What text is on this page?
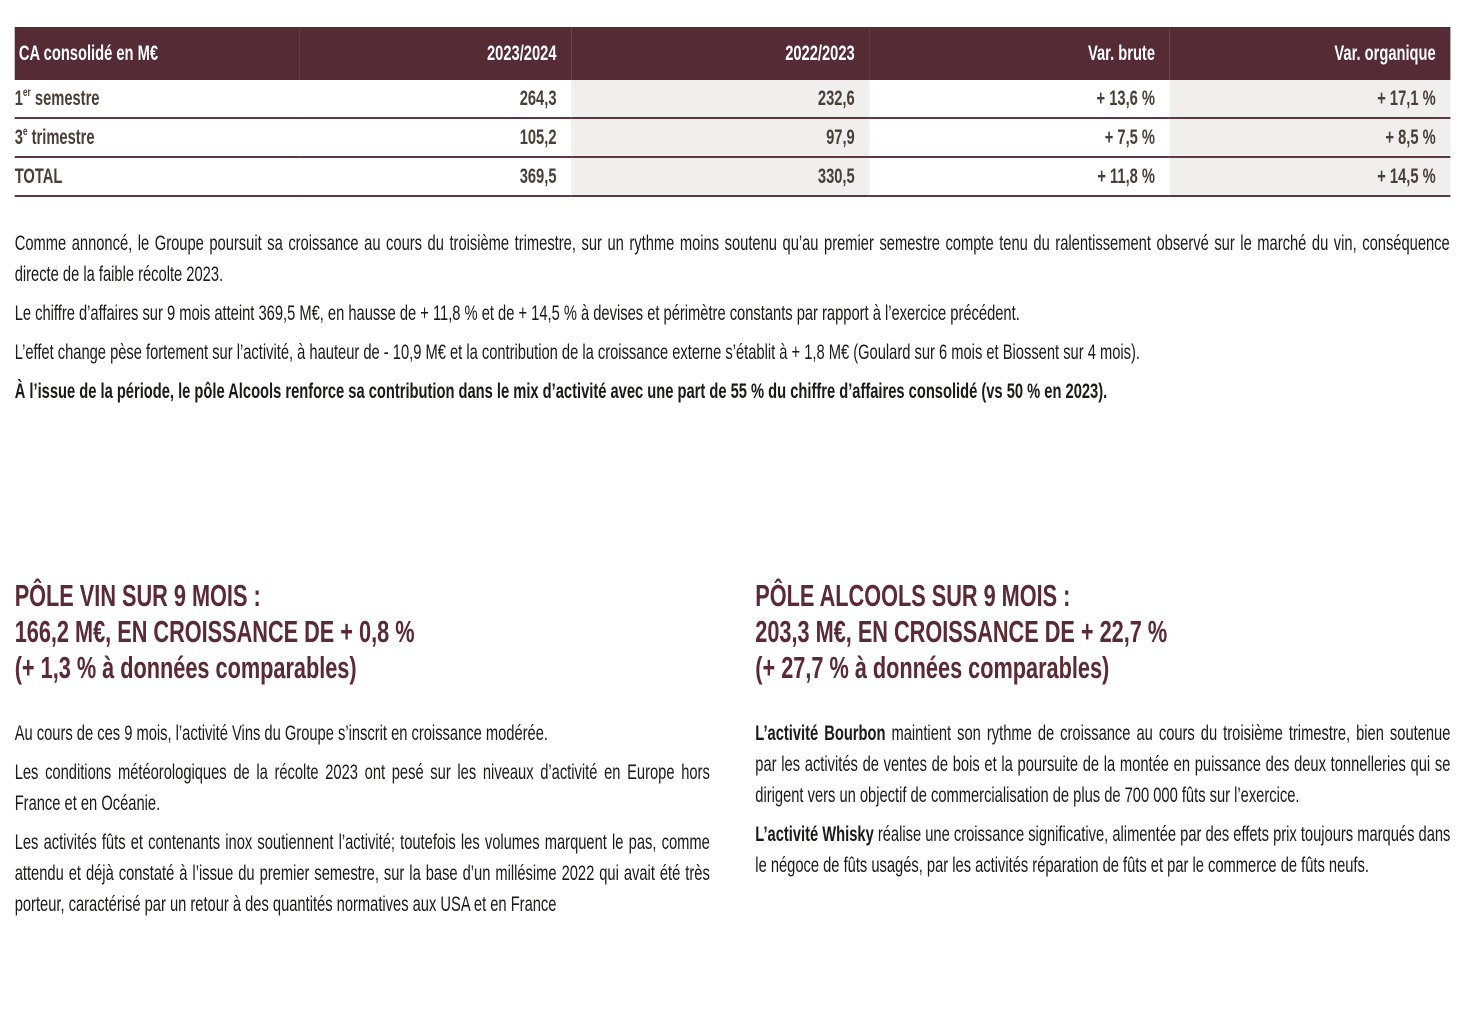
CA consolidé en M€	2023/2024	2022/2023	Var. brute	Var. organique
1er semestre	264,3	232,6	+ 13,6 %	+ 17,1 %
3e trimestre	105,2	97,9	+ 7,5 %	+ 8,5 %
TOTAL	369,5	330,5	+ 11,8 %	+ 14,5 %

Comme annoncé, le Groupe poursuit sa croissance au cours du troisième trimestre, sur un rythme moins soutenu qu’au premier semestre compte tenu du ralentissement observé sur le marché du vin, conséquence directe de la faible récolte 2023.

Le chiffre d’affaires sur 9 mois atteint 369,5 M€, en hausse de + 11,8 % et de + 14,5 % à devises et périmètre constants par rapport à l’exercice précédent.

L’effet change pèse fortement sur l’activité, à hauteur de - 10,9 M€ et la contribution de la croissance externe s’établit à + 1,8 M€ (Goulard sur 6 mois et Biossent sur 4 mois).

À l’issue de la période, le pôle Alcools renforce sa contribution dans le mix d’activité avec une part de 55 % du chiffre d’affaires consolidé (vs 50 % en 2023).

PÔLE VIN SUR 9 MOIS :
166,2 M€, EN CROISSANCE DE + 0,8 %
(+ 1,3 % à données comparables)

Au cours de ces 9 mois, l’activité Vins du Groupe s’inscrit en croissance modérée.

Les conditions météorologiques de la récolte 2023 ont pesé sur les niveaux d’activité en Europe hors France et en Océanie.

Les activités fûts et contenants inox soutiennent l’activité; toutefois les volumes marquent le pas, comme attendu et déjà constaté à l’issue du premier semestre, sur la base d’un millésime 2022 qui avait été très porteur, caractérisé par un retour à des quantités normatives aux USA et en France

PÔLE ALCOOLS SUR 9 MOIS :
203,3 M€, EN CROISSANCE DE + 22,7 %
(+ 27,7 % à données comparables)

L’activité Bourbon maintient son rythme de croissance au cours du troisième trimestre, bien soutenue par les activités de ventes de bois et la poursuite de la montée en puissance des deux tonnelleries qui se dirigent vers un objectif de commercialisation de plus de 700 000 fûts sur l’exercice.

L’activité Whisky réalise une croissance significative, alimentée par des effets prix toujours marqués dans le négoce de fûts usagés, par les activités réparation de fûts et par le commerce de fûts neufs.
